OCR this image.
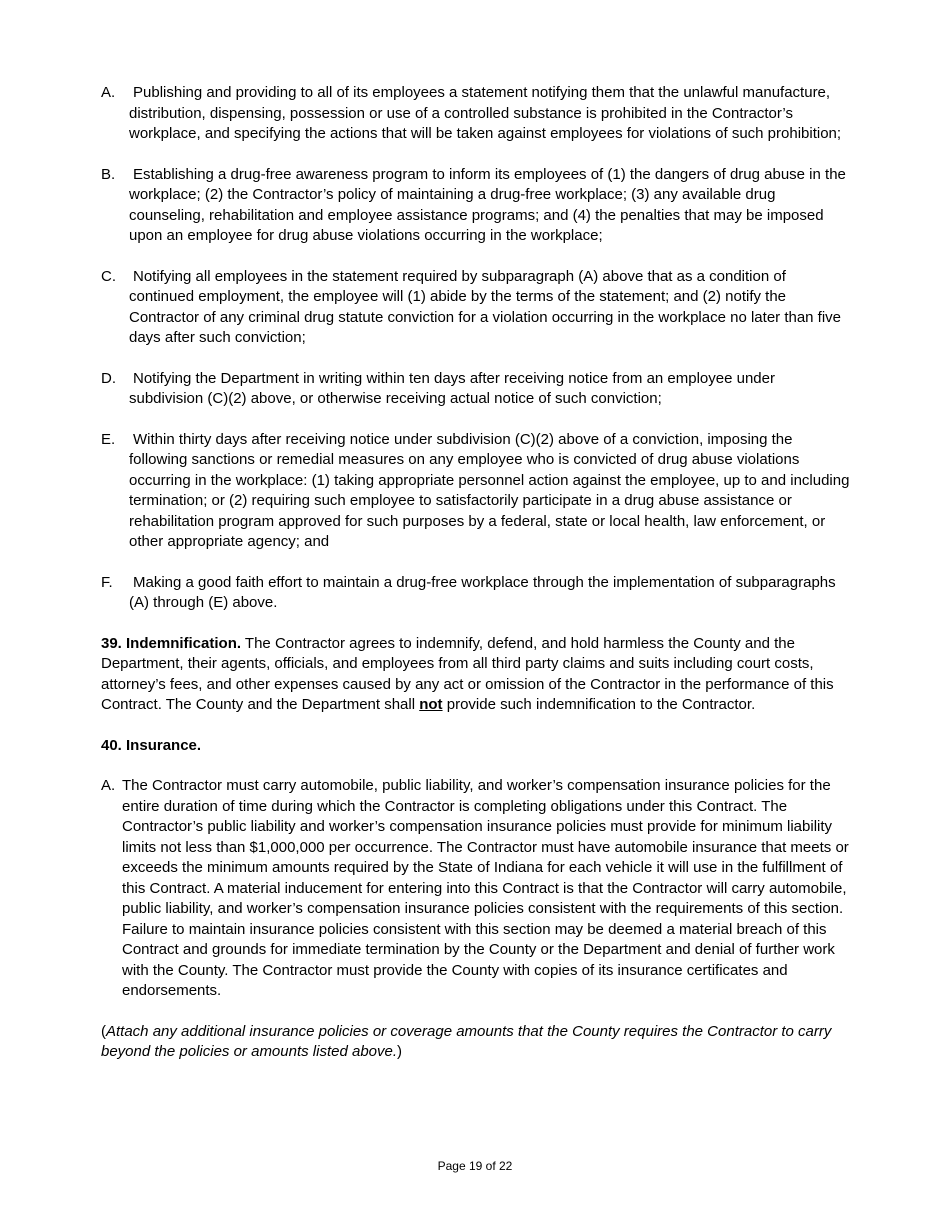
A.	Publishing and providing to all of its employees a statement notifying them that the unlawful manufacture, distribution, dispensing, possession or use of a controlled substance is prohibited in the Contractor’s workplace, and specifying the actions that will be taken against employees for violations of such prohibition;
B.	Establishing a drug-free awareness program to inform its employees of (1) the dangers of drug abuse in the workplace; (2) the Contractor’s policy of maintaining a drug-free workplace; (3) any available drug counseling, rehabilitation and employee assistance programs; and (4) the penalties that may be imposed upon an employee for drug abuse violations occurring in the workplace;
C.	Notifying all employees in the statement required by subparagraph (A) above that as a condition of continued employment, the employee will (1) abide by the terms of the statement; and (2) notify the Contractor of any criminal drug statute conviction for a violation occurring in the workplace no later than five days after such conviction;
D.	Notifying the Department in writing within ten days after receiving notice from an employee under subdivision (C)(2) above, or otherwise receiving actual notice of such conviction;
E.	Within thirty days after receiving notice under subdivision (C)(2) above of a conviction, imposing the following sanctions or remedial measures on any employee who is convicted of drug abuse violations occurring in the workplace: (1) taking appropriate personnel action against the employee, up to and including termination; or (2) requiring such employee to satisfactorily participate in a drug abuse assistance or rehabilitation program approved for such purposes by a federal, state or local health, law enforcement, or other appropriate agency; and
F.	Making a good faith effort to maintain a drug-free workplace through the implementation of subparagraphs (A) through (E) above.

39. Indemnification. The Contractor agrees to indemnify, defend, and hold harmless the County and the Department, their agents, officials, and employees from all third party claims and suits including court costs, attorney’s fees, and other expenses caused by any act or omission of the Contractor in the performance of this Contract. The County and the Department shall not provide such indemnification to the Contractor.

40. Insurance.

A. The Contractor must carry automobile, public liability, and worker’s compensation insurance policies for the entire duration of time during which the Contractor is completing obligations under this Contract. The Contractor’s public liability and worker’s compensation insurance policies must provide for minimum liability limits not less than $1,000,000 per occurrence. The Contractor must have automobile insurance that meets or exceeds the minimum amounts required by the State of Indiana for each vehicle it will use in the fulfillment of this Contract. A material inducement for entering into this Contract is that the Contractor will carry automobile, public liability, and worker’s compensation insurance policies consistent with the requirements of this section. Failure to maintain insurance policies consistent with this section may be deemed a material breach of this Contract and grounds for immediate termination by the County or the Department and denial of further work with the County. The Contractor must provide the County with copies of its insurance certificates and endorsements.

(Attach any additional insurance policies or coverage amounts that the County requires the Contractor to carry beyond the policies or amounts listed above.)

Page 19 of 22
